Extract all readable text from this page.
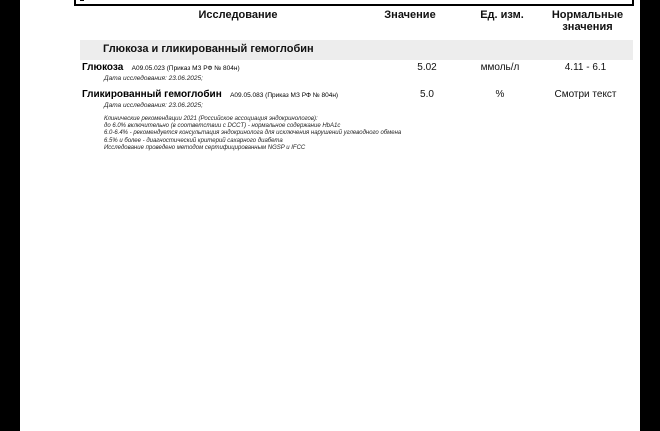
Исследование	Значение	Ед. изм.	Нормальные
значения
Глюкоза и гликированный гемоглобин
Глюкоза A09.05.023 (Приказ МЗ РФ № 804н)
Дата исследования: 23.06.2025;
5.02	ммоль/л	4.11 - 6.1
Гликированный гемоглобин A09.05.083 (Приказ МЗ РФ № 804н)
Дата исследования: 23.06.2025;
5.0	%	Смотри текст
Клинические рекомендации 2021 (Российское ассоциация эндокринологов):
до 6.0% включительно (в соответствии с DCCT) - нормальное содержание HbA1c
6.0-6.4% - рекомендуется консультация эндокринолога для исключения нарушений углеводного обмена
6.5% и более - диагностический критерий сахарного диабета
Исследование проведено методом сертифицированным NGSP и IFCC
